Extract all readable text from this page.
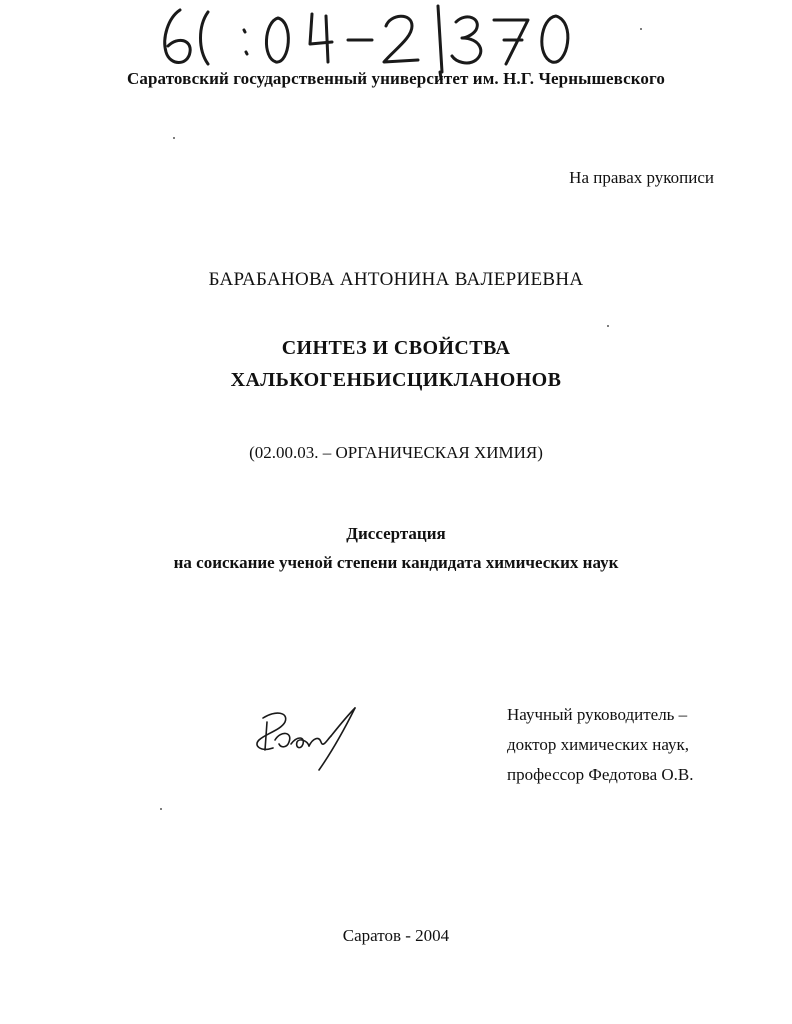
Саратовский государственный университет им. Н.Г. Чернышевского
На правах рукописи
БАРАБАНОВА АНТОНИНА ВАЛЕРИЕВНА
СИНТЕЗ И СВОЙСТВА
ХАЛЬКОГЕНБИСЦИКЛАНОНОВ
(02.00.03. – ОРГАНИЧЕСКАЯ ХИМИЯ)
Диссертация
на соискание ученой степени кандидата химических наук
Научный руководитель –
доктор химических наук,
профессор Федотова О.В.
Саратов - 2004
